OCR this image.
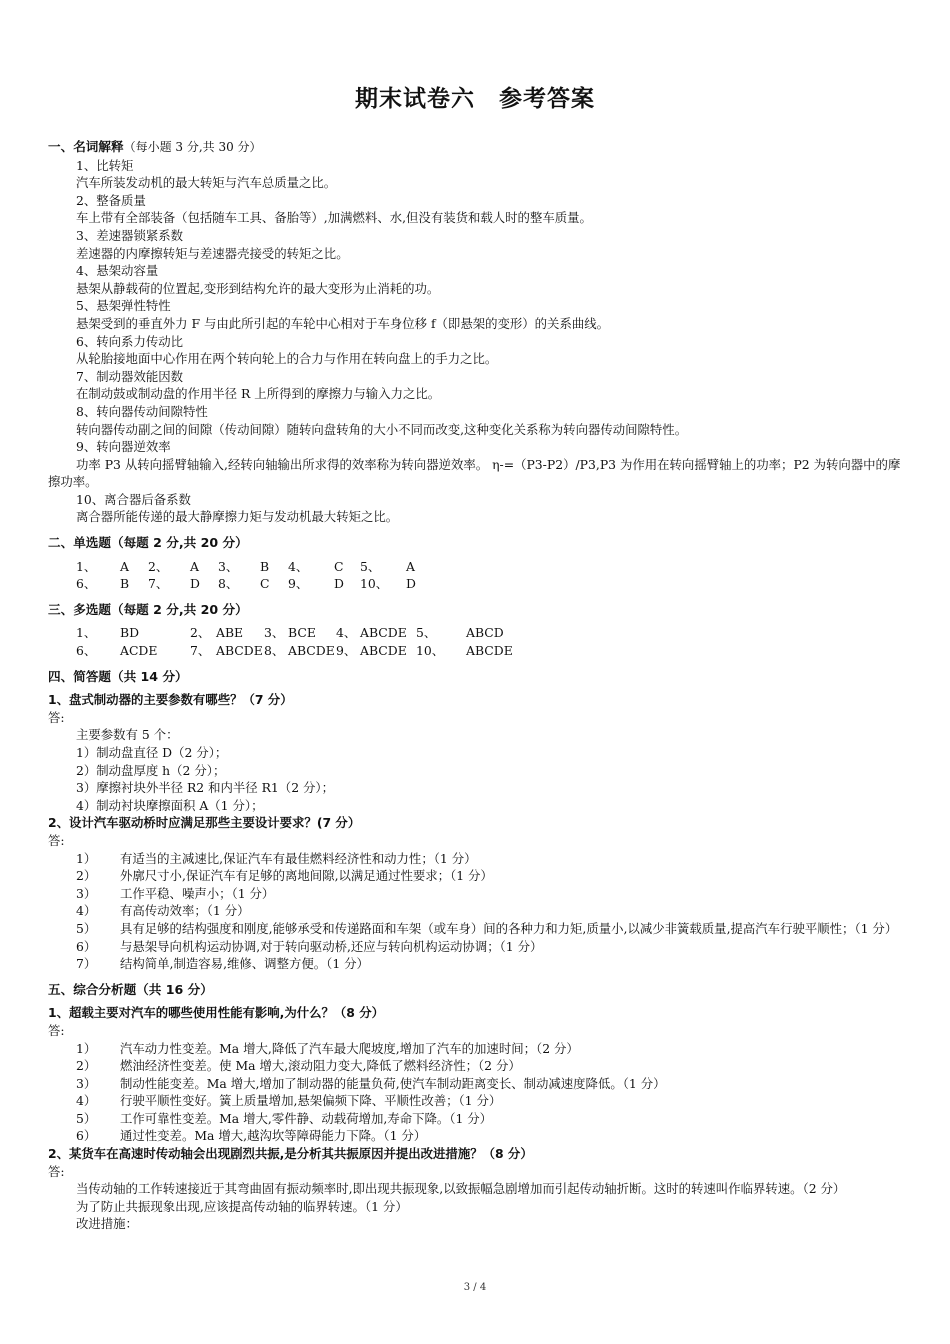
期末试卷六　参考答案
一、名词解释（每小题 3 分,共 30 分）
1、比转矩
汽车所装发动机的最大转矩与汽车总质量之比。
2、整备质量
车上带有全部装备（包括随车工具、备胎等）,加满燃料、水,但没有装货和载人时的整车质量。
3、差速器锁紧系数
差速器的内摩擦转矩与差速器壳接受的转矩之比。
4、悬架动容量
悬架从静载荷的位置起,变形到结构允许的最大变形为止消耗的功。
5、悬架弹性特性
悬架受到的垂直外力 F 与由此所引起的车轮中心相对于车身位移 f（即悬架的变形）的关系曲线。
6、转向系力传动比
从轮胎接地面中心作用在两个转向轮上的合力与作用在转向盘上的手力之比。
7、制动器效能因数
在制动鼓或制动盘的作用半径 R 上所得到的摩擦力与输入力之比。
8、转向器传动间隙特性
转向器传动副之间的间隙（传动间隙）随转向盘转角的大小不同而改变,这种变化关系称为转向器传动间隙特性。
9、转向器逆效率
功率 P3 从转向摇臂轴输入,经转向轴输出所求得的效率称为转向器逆效率。 η-=（P3-P2）/P3,P3 为作用在转向摇臂轴上的功率；P2 为转向器中的摩擦功率。
10、离合器后备系数
离合器所能传递的最大静摩擦力矩与发动机最大转矩之比。
二、单选题（每题 2 分,共 20 分）
1、	A	2、	A	3、	B	4、	C	5、	A
6、	B	7、	D	8、	C	9、	D	10、	D
三、多选题（每题 2 分,共 20 分）
1、	BD	2、	ABE	3、	BCE	4、	ABCDE	5、	ABCD
6、	ACDE	7、	ABCDE	8、	ABCDE	9、	ABCDE	10、	ABCDE
四、简答题（共 14 分）
1、盘式制动器的主要参数有哪些？（7 分）
答:
主要参数有 5 个：
1）制动盘直径 D（2 分）；
2）制动盘厚度 h（2 分）；
3）摩擦衬块外半径 R2 和内半径 R1（2 分）；
4）制动衬块摩擦面积 A（1 分）；
2、设计汽车驱动桥时应满足那些主要设计要求？(7 分）
答:
1） 有适当的主减速比,保证汽车有最佳燃料经济性和动力性；（1 分）
2） 外廓尺寸小,保证汽车有足够的离地间隙,以满足通过性要求；（1 分）
3） 工作平稳、噪声小；（1 分）
4） 有高传动效率；（1 分）
5） 具有足够的结构强度和刚度,能够承受和传递路面和车架（或车身）间的各种力和力矩,质量小,以减少非簧载质量,提高汽车行驶平顺性；（1 分）
6） 与悬架导向机构运动协调,对于转向驱动桥,还应与转向机构运动协调；（1 分）
7） 结构简单,制造容易,维修、调整方便。（1 分）
五、综合分析题（共 16 分）
1、超载主要对汽车的哪些使用性能有影响,为什么？（8 分）
答:
1） 汽车动力性变差。Ma 增大,降低了汽车最大爬坡度,增加了汽车的加速时间；（2 分）
2） 燃油经济性变差。使 Ma 增大,滚动阻力变大,降低了燃料经济性；（2 分）
3） 制动性能变差。Ma 增大,增加了制动器的能量负荷,使汽车制动距离变长、制动减速度降低。（1 分）
4） 行驶平顺性变好。簧上质量增加,悬架偏频下降、平顺性改善；（1 分）
5） 工作可靠性变差。Ma 增大,零件静、动载荷增加,寿命下降。（1 分）
6） 通过性变差。Ma 增大,越沟坎等障碍能力下降。（1 分）
2、某货车在高速时传动轴会出现剧烈共振,是分析其共振原因并提出改进措施？（8 分）
答:
当传动轴的工作转速接近于其弯曲固有振动频率时,即出现共振现象,以致振幅急剧增加而引起传动轴折断。这时的转速叫作临界转速。（2 分）
为了防止共振现象出现,应该提高传动轴的临界转速。（1 分）
改进措施：
3 / 4
